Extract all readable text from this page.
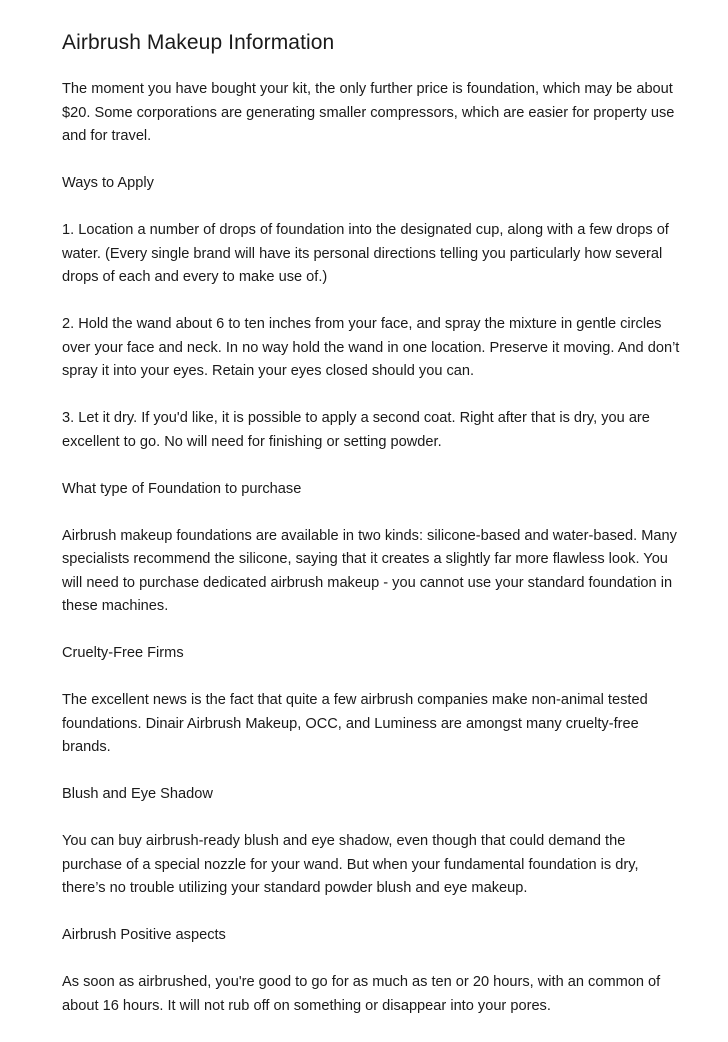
Airbrush Makeup Information

The moment you have bought your kit, the only further price is foundation, which may be about $20. Some corporations are generating smaller compressors, which are easier for property use and for travel.

Ways to Apply

1. Location a number of drops of foundation into the designated cup, along with a few drops of water. (Every single brand will have its personal directions telling you particularly how several drops of each and every to make use of.)

2. Hold the wand about 6 to ten inches from your face, and spray the mixture in gentle circles over your face and neck. In no way hold the wand in one location. Preserve it moving. And don’t spray it into your eyes. Retain your eyes closed should you can.

3. Let it dry. If you'd like, it is possible to apply a second coat. Right after that is dry, you are excellent to go. No will need for finishing or setting powder.

What type of Foundation to purchase

Airbrush makeup foundations are available in two kinds: silicone-based and water-based. Many specialists recommend the silicone, saying that it creates a slightly far more flawless look. You will need to purchase dedicated airbrush makeup - you cannot use your standard foundation in these machines.

Cruelty-Free Firms

The excellent news is the fact that quite a few airbrush companies make non-animal tested foundations. Dinair Airbrush Makeup, OCC, and Luminess are amongst many cruelty-free brands.

Blush and Eye Shadow

You can buy airbrush-ready blush and eye shadow, even though that could demand the purchase of a special nozzle for your wand. But when your fundamental foundation is dry, there’s no trouble utilizing your standard powder blush and eye makeup.

Airbrush Positive aspects

As soon as airbrushed, you're good to go for as much as ten or 20 hours, with an common of about 16 hours. It will not rub off on something or disappear into your pores.
